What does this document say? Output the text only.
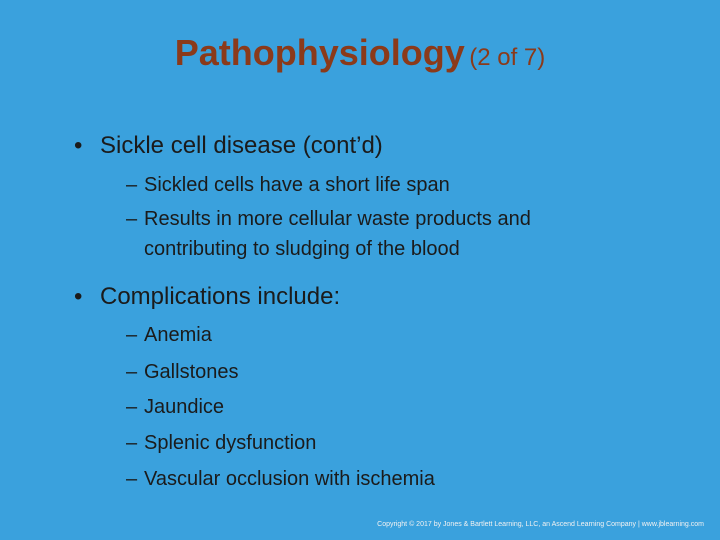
Pathophysiology (2 of 7)
• Sickle cell disease (cont’d)
– Sickled cells have a short life span
– Results in more cellular waste products and contributing to sludging of the blood
• Complications include:
– Anemia
– Gallstones
– Jaundice
– Splenic dysfunction
– Vascular occlusion with ischemia
Copyright © 2017 by Jones & Bartlett Learning, LLC, an Ascend Learning Company | www.jblearning.com
